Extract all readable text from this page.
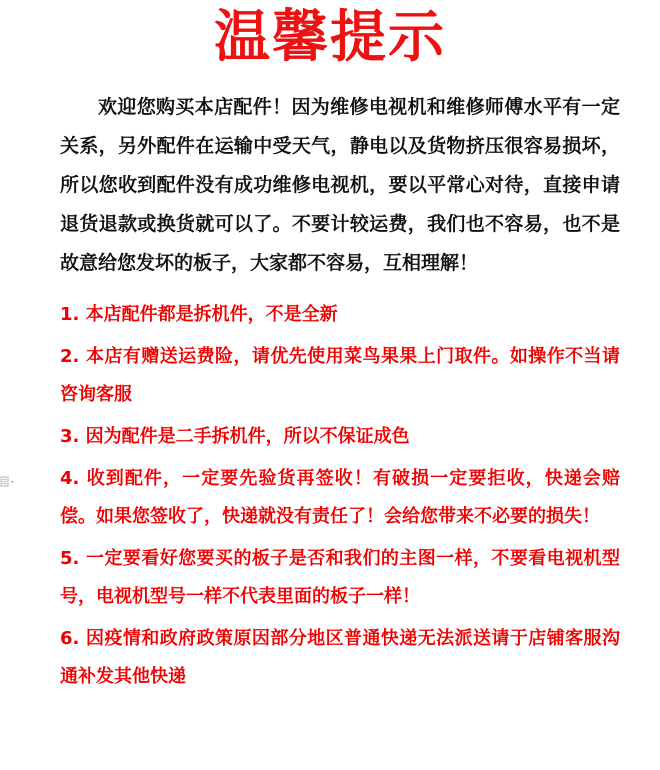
温馨提示

欢迎您购买本店配件！因为维修电视机和维修师傅水平有一定关系，另外配件在运输中受天气，静电以及货物挤压很容易损坏，所以您收到配件没有成功维修电视机，要以平常心对待，直接申请退货退款或换货就可以了。不要计较运费，我们也不容易，也不是故意给您发坏的板子，大家都不容易，互相理解！

1. 本店配件都是拆机件，不是全新
2. 本店有赠送运费险，请优先使用菜鸟果果上门取件。如操作不当请咨询客服
3. 因为配件是二手拆机件，所以不保证成色
4. 收到配件，一定要先验货再签收！有破损一定要拒收，快递会赔偿。如果您签收了，快递就没有责任了！会给您带来不必要的损失！
5. 一定要看好您要买的板子是否和我们的主图一样，不要看电视机型号，电视机型号一样不代表里面的板子一样！
6. 因疫情和政府政策原因部分地区普通快递无法派送请于店铺客服沟通补发其他快递
